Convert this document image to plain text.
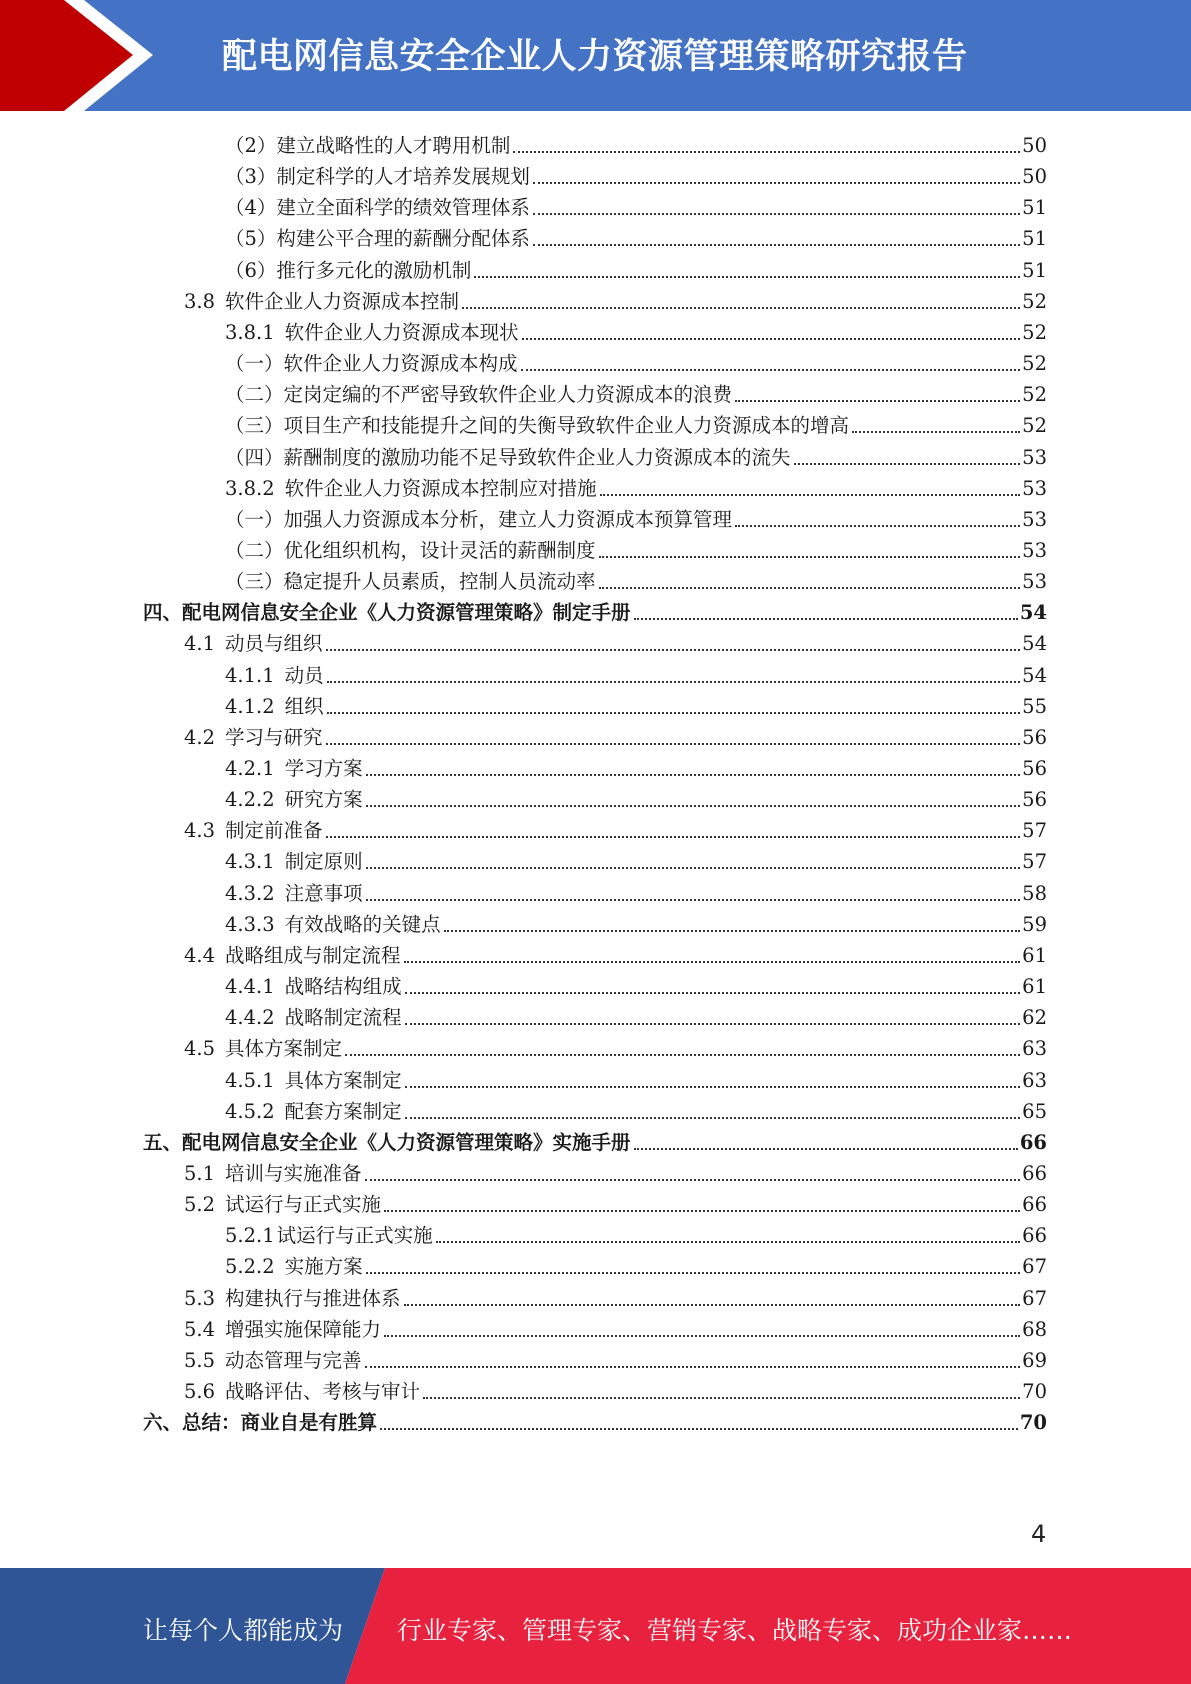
配电网信息安全企业人力资源管理策略研究报告
（2） 建立战略性的人才聘用机制	50
（3） 制定科学的人才培养发展规划	50
（4） 建立全面科学的绩效管理体系	51
（5） 构建公平合理的薪酬分配体系	51
（6） 推行多元化的激励机制	51
3.8 软件企业人力资源成本控制	52
3.8.1 软件企业人力资源成本现状	52
（一） 软件企业人力资源成本构成	52
（二） 定岗定编的不严密导致软件企业人力资源成本的浪费	52
（三） 项目生产和技能提升之间的失衡导致软件企业人力资源成本的增高	52
（四） 薪酬制度的激励功能不足导致软件企业人力资源成本的流失	53
3.8.2 软件企业人力资源成本控制应对措施	53
（一） 加强人力资源成本分析，建立人力资源成本预算管理	53
（二） 优化组织机构，设计灵活的薪酬制度	53
（三） 稳定提升人员素质，控制人员流动率	53
四、 配电网信息安全企业《人力资源管理策略》制定手册	54
4.1 动员与组织	54
4.1.1 动员	54
4.1.2 组织	55
4.2 学习与研究	56
4.2.1 学习方案	56
4.2.2 研究方案	56
4.3 制定前准备	57
4.3.1 制定原则	57
4.3.2 注意事项	58
4.3.3 有效战略的关键点	59
4.4 战略组成与制定流程	61
4.4.1 战略结构组成	61
4.4.2 战略制定流程	62
4.5 具体方案制定	63
4.5.1 具体方案制定	63
4.5.2 配套方案制定	65
五、 配电网信息安全企业《人力资源管理策略》实施手册	66
5.1 培训与实施准备	66
5.2 试运行与正式实施	66
5.2.1 试运行与正式实施	66
5.2.2 实施方案	67
5.3 构建执行与推进体系	67
5.4 增强实施保障能力	68
5.5 动态管理与完善	69
5.6 战略评估、考核与审计	70
六、 总结：商业自是有胜算	70
4
让每个人都能成为 行业专家、管理专家、营销专家、战略专家、成功企业家……
